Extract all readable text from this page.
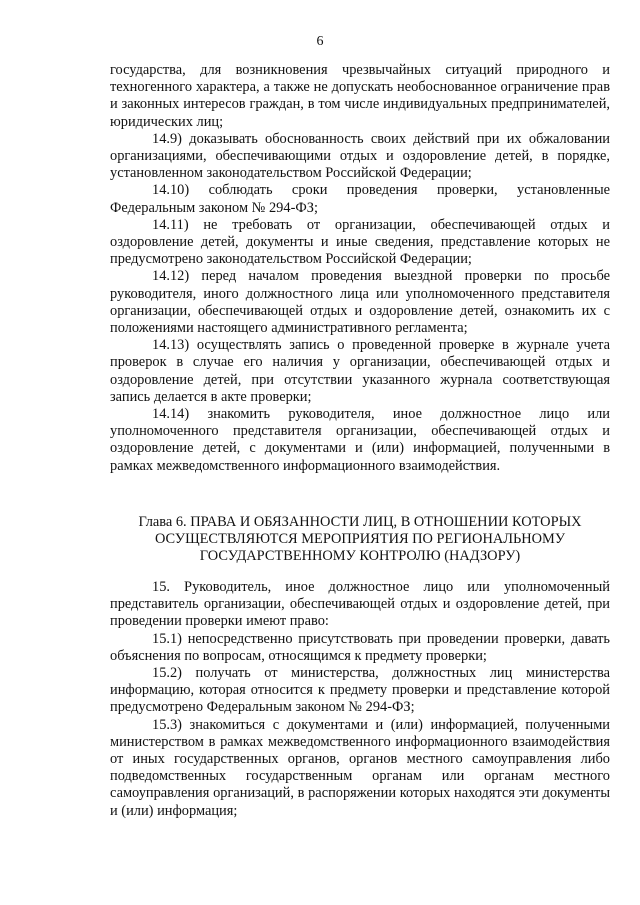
6

государства, для возникновения чрезвычайных ситуаций природного и техногенного характера, а также не допускать необоснованное ограничение прав и законных интересов граждан, в том числе индивидуальных предпринимателей, юридических лиц;

14.9) доказывать обоснованность своих действий при их обжаловании организациями, обеспечивающими отдых и оздоровление детей, в порядке, установленном законодательством Российской Федерации;

14.10) соблюдать сроки проведения проверки, установленные Федеральным законом № 294-ФЗ;

14.11) не требовать от организации, обеспечивающей отдых и оздоровление детей, документы и иные сведения, представление которых не предусмотрено законодательством Российской Федерации;

14.12) перед началом проведения выездной проверки по просьбе руководителя, иного должностного лица или уполномоченного представителя организации, обеспечивающей отдых и оздоровление детей, ознакомить их с положениями настоящего административного регламента;

14.13) осуществлять запись о проведенной проверке в журнале учета проверок в случае его наличия у организации, обеспечивающей отдых и оздоровление детей, при отсутствии указанного журнала соответствующая запись делается в акте проверки;

14.14) знакомить руководителя, иное должностное лицо или уполномоченного представителя организации, обеспечивающей отдых и оздоровление детей, с документами и (или) информацией, полученными в рамках межведомственного информационного взаимодействия.

Глава 6. ПРАВА И ОБЯЗАННОСТИ ЛИЦ, В ОТНОШЕНИИ КОТОРЫХ
ОСУЩЕСТВЛЯЮТСЯ МЕРОПРИЯТИЯ ПО РЕГИОНАЛЬНОМУ
ГОСУДАРСТВЕННОМУ КОНТРОЛЮ (НАДЗОРУ)

15. Руководитель, иное должностное лицо или уполномоченный представитель организации, обеспечивающей отдых и оздоровление детей, при проведении проверки имеют право:

15.1) непосредственно присутствовать при проведении проверки, давать объяснения по вопросам, относящимся к предмету проверки;

15.2) получать от министерства, должностных лиц министерства информацию, которая относится к предмету проверки и представление которой предусмотрено Федеральным законом № 294-ФЗ;

15.3) знакомиться с документами и (или) информацией, полученными министерством в рамках межведомственного информационного взаимодействия от иных государственных органов, органов местного самоуправления либо подведомственных государственным органам или органам местного самоуправления организаций, в распоряжении которых находятся эти документы и (или) информация;
